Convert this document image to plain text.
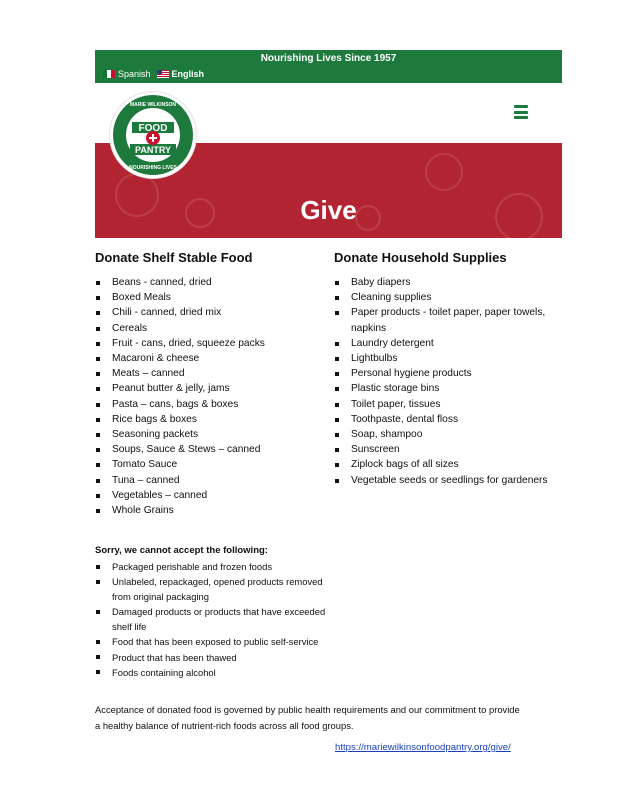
Nourishing Lives Since 1957
Spanish	English
Give
MARIE WILKINSON
FOOD
PANTRY
NOURISHING LIVES
Donate Shelf Stable Food
Beans - canned, dried
Boxed Meals
Chili - canned, dried mix
Cereals
Fruit - cans, dried, squeeze packs
Macaroni & cheese
Meats – canned
Peanut butter & jelly, jams
Pasta – cans, bags & boxes
Rice bags & boxes
Seasoning packets
Soups, Sauce & Stews – canned
Tomato Sauce
Tuna – canned
Vegetables – canned
Whole Grains
Donate Household Supplies
Baby diapers
Cleaning supplies
Paper products - toilet paper, paper towels, napkins
Laundry detergent
Lightbulbs
Personal hygiene products
Plastic storage bins
Toilet paper, tissues
Toothpaste, dental floss
Soap, shampoo
Sunscreen
Ziplock bags of all sizes
Vegetable seeds or seedlings for gardeners
Sorry, we cannot accept the following:
Packaged perishable and frozen foods
Unlabeled, repackaged, opened products removed from original packaging
Damaged products or products that have exceeded shelf life
Food that has been exposed to public self-service
Product that has been thawed
Foods containing alcohol
Acceptance of donated food is governed by public health requirements and our commitment to provide a healthy balance of nutrient-rich foods across all food groups.
https://mariewilkinsonfoodpantry.org/give/
